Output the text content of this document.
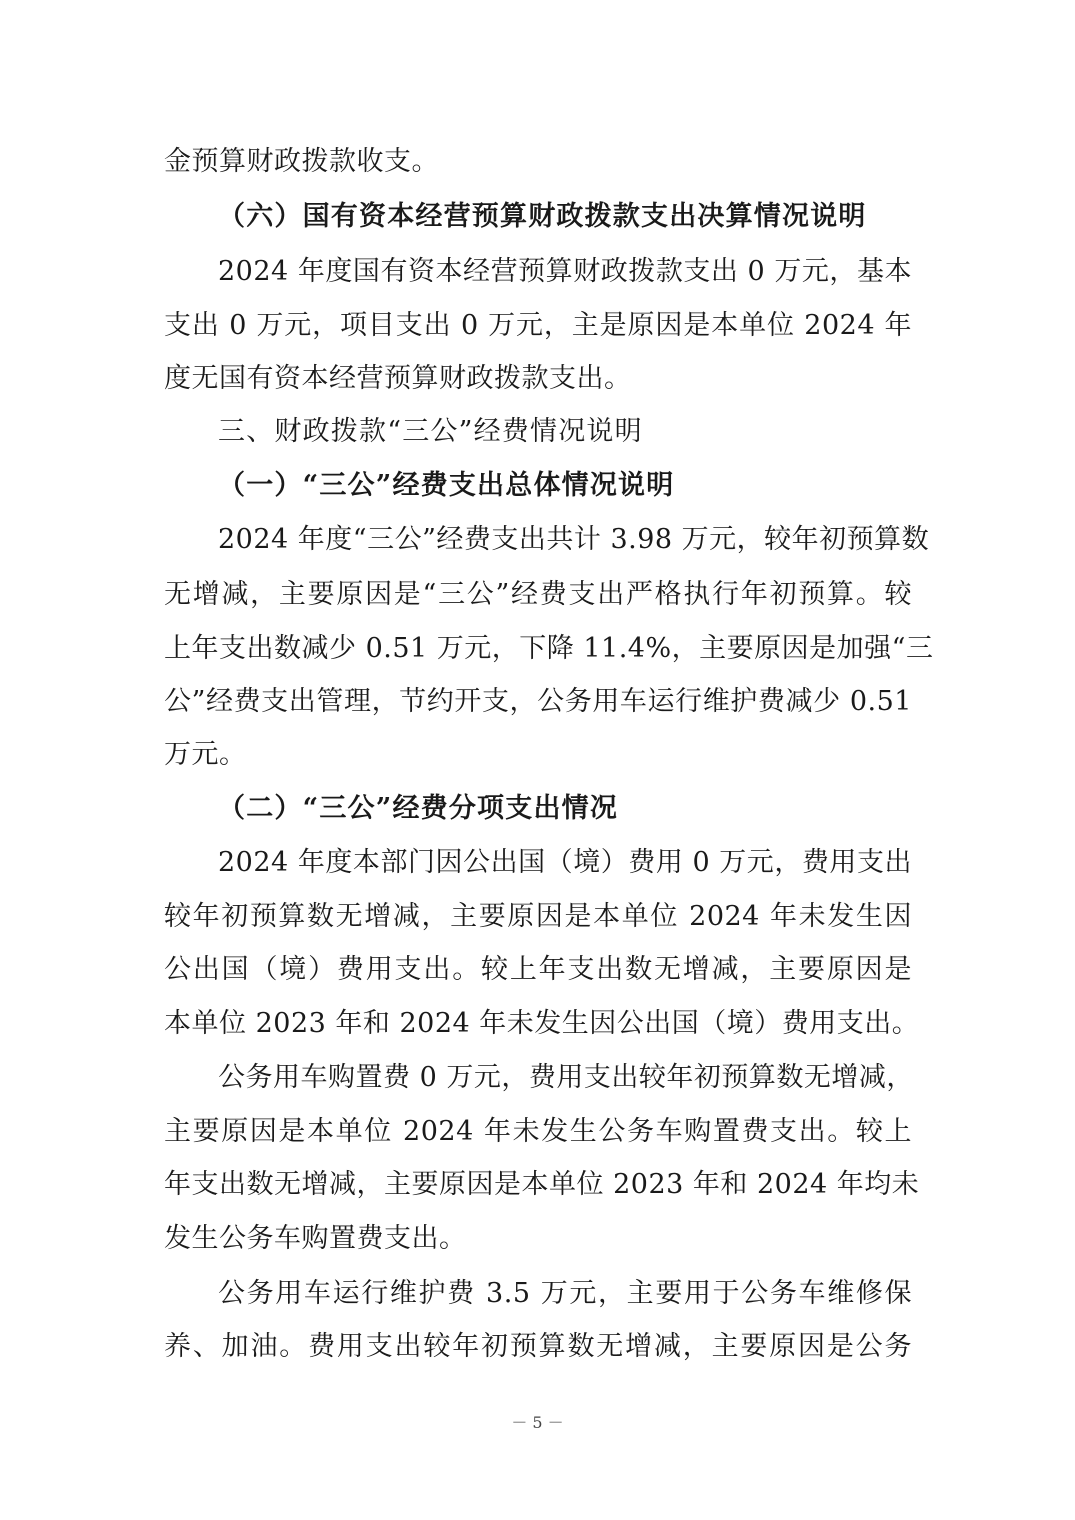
金预算财政拨款收支。
（六）国有资本经营预算财政拨款支出决算情况说明
2024 年度国有资本经营预算财政拨款支出 0 万元，基本
支出 0 万元，项目支出 0 万元，主是原因是本单位 2024 年
度无国有资本经营预算财政拨款支出。
三、财政拨款“三公”经费情况说明
（一）“三公”经费支出总体情况说明
2024 年度“三公”经费支出共计 3.98 万元，较年初预算数
无增减，主要原因是“三公”经费支出严格执行年初预算。较
上年支出数减少 0.51 万元，下降 11.4%，主要原因是加强“三
公”经费支出管理，节约开支，公务用车运行维护费减少 0.51
万元。
（二）“三公”经费分项支出情况
2024 年度本部门因公出国（境）费用 0 万元，费用支出
较年初预算数无增减，主要原因是本单位 2024 年未发生因
公出国（境）费用支出。较上年支出数无增减，主要原因是
本单位 2023 年和 2024 年未发生因公出国（境）费用支出。
公务用车购置费 0 万元，费用支出较年初预算数无增减，
主要原因是本单位 2024 年未发生公务车购置费支出。较上
年支出数无增减，主要原因是本单位 2023 年和 2024 年均未
发生公务车购置费支出。
公务用车运行维护费 3.5 万元，主要用于公务车维修保
养、加油。费用支出较年初预算数无增减，主要原因是公务
－ 5 －
